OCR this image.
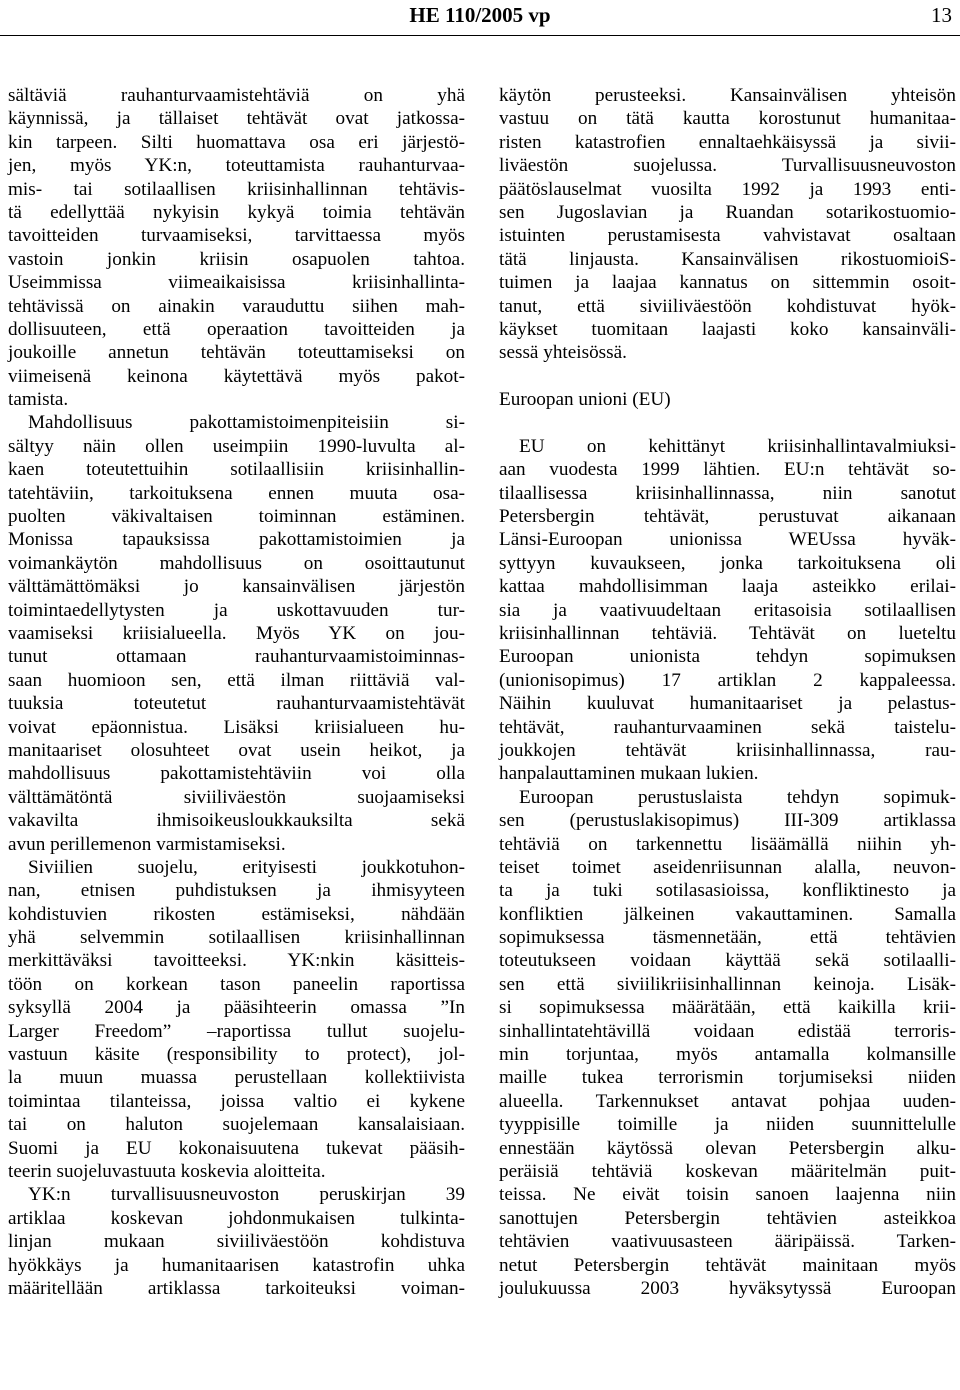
HE 110/2005 vp	13
sältäviä rauhanturvaamistehtäviä on yhä
käynnissä, ja tällaiset tehtävät ovat jatkossa-
kin tarpeen. Silti huomattava osa eri järjestö-
jen, myös YK:n, toteuttamista rauhanturvaa-
mis- tai sotilaallisen kriisinhallinnan tehtävis-
tä edellyttää nykyisin kykyä toimia tehtävän
tavoitteiden turvaamiseksi, tarvittaessa myös
vastoin jonkin kriisin osapuolen tahtoa.
Useimmissa viimeaikaisissa kriisinhallinta-
tehtävissä on ainakin varauduttu siihen mah-
dollisuuteen, että operaation tavoitteiden ja
joukoille annetun tehtävän toteuttamiseksi on
viimeisenä keinona käytettävä myös pakot-
tamista.
Mahdollisuus pakottamistoimenpiteisiin si-
sältyy näin ollen useimpiin 1990-luvulta al-
kaen toteutettuihin sotilaallisiin kriisinhallin-
tatehtäviin, tarkoituksena ennen muuta osa-
puolten väkivaltaisen toiminnan estäminen.
Monissa tapauksissa pakottamistoimien ja
voimankäytön mahdollisuus on osoittautunut
välttämättömäksi jo kansainvälisen järjestön
toimintaedellytysten ja uskottavuuden tur-
vaamiseksi kriisialueella. Myös YK on jou-
tunut ottamaan rauhanturvaamistoiminnas-
saan huomioon sen, että ilman riittäviä val-
tuuksia toteutetut rauhanturvaamistehtävät
voivat epäonnistua. Lisäksi kriisialueen hu-
manitaariset olosuhteet ovat usein heikot, ja
mahdollisuus pakottamistehtäviin voi olla
välttämätöntä siviiliväestön suojaamiseksi
vakavilta ihmisoikeusloukkauksilta sekä
avun perillemenon varmistamiseksi.
Siviilien suojelu, erityisesti joukkotuhon-
nan, etnisen puhdistuksen ja ihmisyyteen
kohdistuvien rikosten estämiseksi, nähdään
yhä selvemmin sotilaallisen kriisinhallinnan
merkittäväksi tavoitteeksi. YK:nkin käsitteis-
töön on korkean tason paneelin raportissa
syksyllä 2004 ja pääsihteerin omassa ”In
Larger Freedom” –raportissa tullut suojelu-
vastuun käsite (responsibility to protect), jol-
la muun muassa perustellaan kollektiivista
toimintaa tilanteissa, joissa valtio ei kykene
tai on haluton suojelemaan kansalaisiaan.
Suomi ja EU kokonaisuutena tukevat pääsih-
teerin suojeluvastuuta koskevia aloitteita.
YK:n turvallisuusneuvoston peruskirjan 39
artiklaa koskevan johdonmukaisen tulkinta-
linjan mukaan siviiliväestöön kohdistuva
hyökkäys ja humanitaarisen katastrofin uhka
määritellään artiklassa tarkoiteuksi voiman-
käytön perusteeksi. Kansainvälisen yhteisön
vastuu on tätä kautta korostunut humanitaa-
risten katastrofien ennaltaehkäisyssä ja sivii-
liväestön suojelussa. Turvallisuusneuvoston
päätöslauselmat vuosilta 1992 ja 1993 enti-
sen Jugoslavian ja Ruandan sotarikostuomio-
istuinten perustamisesta vahvistavat osaltaan
tätä linjausta. Kansainvälisen rikostuomioiS-
tuimen ja laajaa kannatus on sittemmin osoit-
tanut, että siviiliväestöön kohdistuvat hyök-
käykset tuomitaan laajasti koko kansainväli-
sessä yhteisössä.
Euroopan unioni (EU)
EU on kehittänyt kriisinhallintavalmiuksi-
aan vuodesta 1999 lähtien. EU:n tehtävät so-
tilaallisessa kriisinhallinnassa, niin sanotut
Petersbergin tehtävät, perustuvat aikanaan
Länsi-Euroopan unionissa WEUssa hyväk-
syttyyn kuvaukseen, jonka tarkoituksena oli
kattaa mahdollisimman laaja asteikko erilai-
sia ja vaativuudeltaan eritasoisia sotilaallisen
kriisinhallinnan tehtäviä. Tehtävät on lueteltu
Euroopan unionista tehdyn sopimuksen
(unionisopimus) 17 artiklan 2 kappaleessa.
Näihin kuuluvat humanitaariset ja pelastus-
tehtävät, rauhanturvaaminen sekä taistelu-
joukkojen tehtävät kriisinhallinnassa, rau-
hanpalauttaminen mukaan lukien.
Euroopan perustuslaista tehdyn sopimuk-
sen (perustuslakisopimus) III-309 artiklassa
tehtäviä on tarkennettu lisäämällä niihin yh-
teiset toimet aseidenriisunnan alalla, neuvon-
ta ja tuki sotilasasioissa, konfliktinesto ja
konfliktien jälkeinen vakauttaminen. Samalla
sopimuksessa täsmennetään, että tehtävien
toteutukseen voidaan käyttää sekä sotilaalli-
sen että siviilikriisinhallinnan keinoja. Lisäk-
si sopimuksessa määrätään, että kaikilla krii-
sinhallintatehtävillä voidaan edistää terroris-
min torjuntaa, myös antamalla kolmansille
maille tukea terrorismin torjumiseksi niiden
alueella. Tarkennukset antavat pohjaa uuden-
tyyppisille toimille ja niiden suunnittelulle
ennestään käytössä olevan Petersbergin alku-
peräisiä tehtäviä koskevan määritelmän puit-
teissa. Ne eivät toisin sanoen laajenna niin
sanottujen Petersbergin tehtävien asteikkoa
tehtävien vaativuusasteen ääripäissä. Tarken-
netut Petersbergin tehtävät mainitaan myös
joulukuussa 2003 hyväksytyssä Euroopan
